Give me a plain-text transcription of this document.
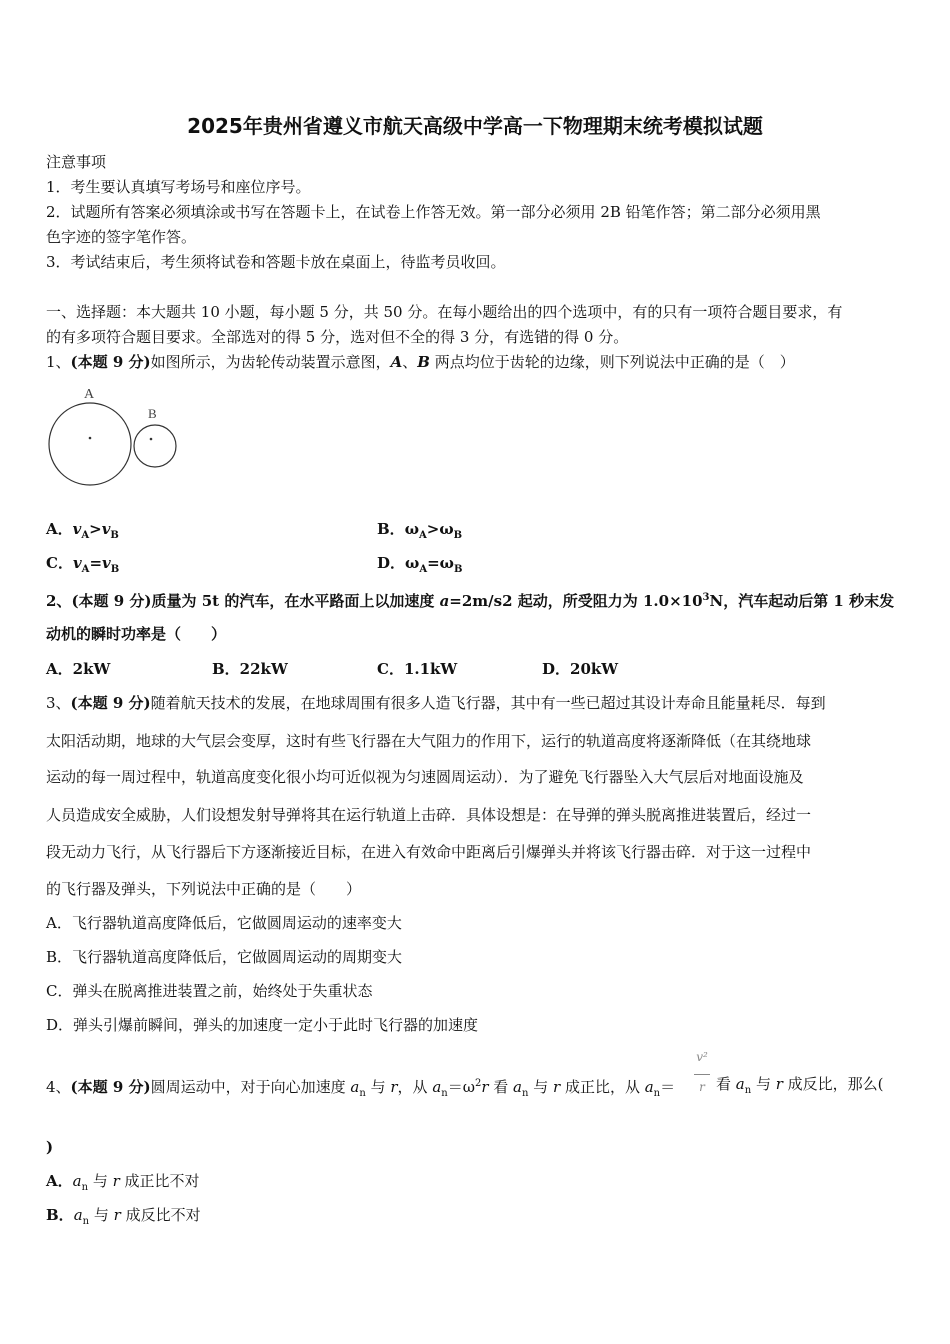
2025年贵州省遵义市航天高级中学高一下物理期末统考模拟试题
注意事项
1．考生要认真填写考场号和座位序号。
2．试题所有答案必须填涂或书写在答题卡上，在试卷上作答无效。第一部分必须用 2B 铅笔作答；第二部分必须用黑
色字迹的签字笔作答。
3．考试结束后，考生须将试卷和答题卡放在桌面上，待监考员收回。
一、选择题：本大题共 10 小题，每小题 5 分，共 50 分。在每小题给出的四个选项中，有的只有一项符合题目要求，有
的有多项符合题目要求。全部选对的得 5 分，选对但不全的得 3 分，有选错的得 0 分。
1、(本题 9 分)如图所示，为齿轮传动装置示意图，A、B 两点均位于齿轮的边缘，则下列说法中正确的是（　）
A
B
A．$v_A>v_B$	B．$\omega_A>\omega_B$
C．$v_A=v_B$	D．$\omega_A=\omega_B$
2、(本题 9 分)质量为 5t 的汽车，在水平路面上以加速度 a=2m/s2 起动，所受阻力为 $1.0\times 10^3N$，汽车起动后第 1 秒末发
动机的瞬时功率是（　　）
A．2kW	B．22kW	C．1.1kW	D．20kW
3、(本题 9 分)随着航天技术的发展，在地球周围有很多人造飞行器，其中有一些已超过其设计寿命且能量耗尽．每到
太阳活动期，地球的大气层会变厚，这时有些飞行器在大气阻力的作用下，运行的轨道高度将逐渐降低（在其绕地球
运动的每一周过程中，轨道高度变化很小均可近似视为匀速圆周运动）．为了避免飞行器坠入大气层后对地面设施及
人员造成安全威胁，人们设想发射导弹将其在运行轨道上击碎．具体设想是：在导弹的弹头脱离推进装置后，经过一
段无动力飞行，从飞行器后下方逐渐接近目标，在进入有效命中距离后引爆弹头并将该飞行器击碎．对于这一过程中
的飞行器及弹头，下列说法中正确的是（　　）
A．飞行器轨道高度降低后，它做圆周运动的速率变大
B．飞行器轨道高度降低后，它做圆周运动的周期变大
C．弹头在脱离推进装置之前，始终处于失重状态
D．弹头引爆前瞬间，弹头的加速度一定小于此时飞行器的加速度
4、(本题 9 分)圆周运动中，对于向心加速度 $a_n$ 与 r，从 $a_n=\omega^2r$ 看 $a_n$ 与 r 成正比，从 $a_n=$
v²
r 看 $a_n$ 与 r 成反比，那么(
)
A．$a_n$ 与 r 成正比不对
B．$a_n$ 与 r 成反比不对
